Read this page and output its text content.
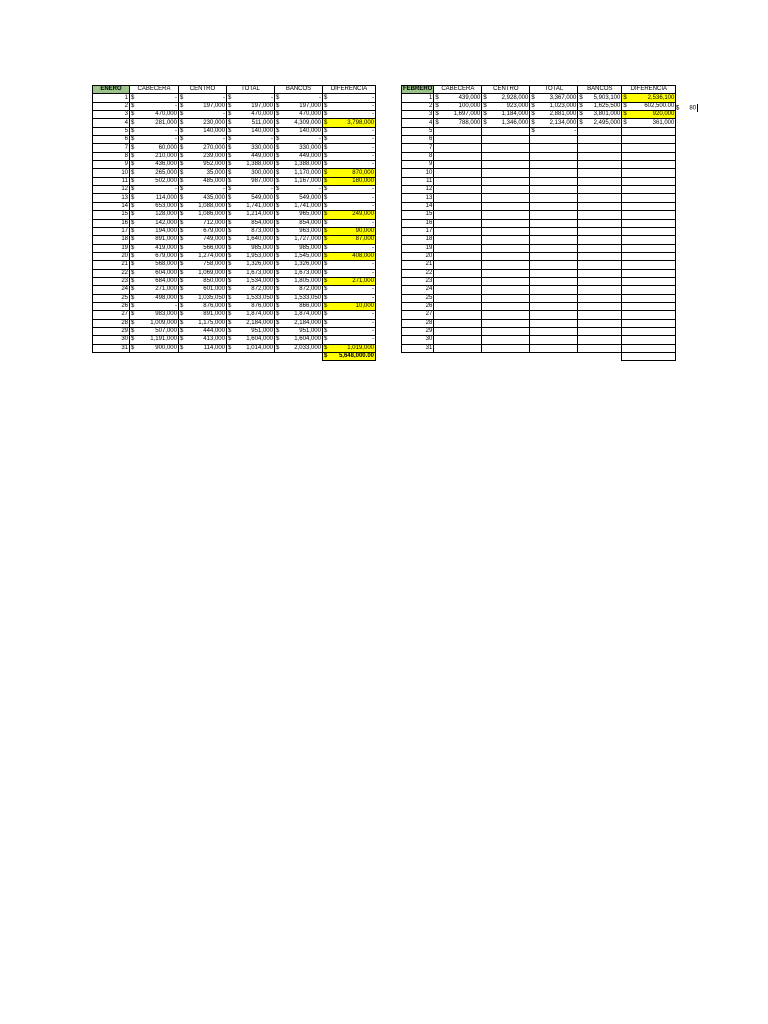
ENERO	CABECERA	CENTRO	TOTAL	BANCOS	DIFERENCIA
1	$ -	$ -	$ -	$ -	$ -

2	$ -	$ 197,000	$ 197,000	$ 197,000	$ -

3	$ 470,000	$ -	$ 470,000	$ 470,000	$ -

4	$ 281,000	$ 230,000	$ 511,000	$ 4,309,000	$ 3,798,000

5	$ -	$ 140,000	$ 140,000	$ 140,000	$ -

6	$ -	$ -	$ -	$ -	$ -

7	$ 60,000	$ 270,000	$ 330,000	$ 330,000	$ -

8	$ 210,000	$ 239,000	$ 449,000	$ 449,000	$ -

9	$ 436,000	$ 952,000	$ 1,388,000	$ 1,388,000	$ -

10	$ 265,000	$ 35,000	$ 300,000	$ 1,170,000	$ 870,000

11	$ 502,000	$ 485,000	$ 987,000	$ 1,167,000	$ 180,000

12	$ -	$ -	$ -	$ -	$ -

13	$ 114,000	$ 435,000	$ 549,000	$ 549,000	$ -

14	$ 653,000	$ 1,088,000	$ 1,741,000	$ 1,741,000	$ -

15	$ 128,000	$ 1,086,000	$ 1,214,000	$ 965,000	$ 249,000

16	$ 142,000	$ 712,000	$ 854,000	$ 854,000	$ -

17	$ 194,000	$ 679,000	$ 873,000	$ 963,000	$ 90,000

18	$ 891,000	$ 749,000	$ 1,640,000	$ 1,727,000	$ 87,000

19	$ 419,000	$ 566,000	$ 985,000	$ 985,000	$ -

20	$ 679,000	$ 1,274,000	$ 1,953,000	$ 1,545,000	$ 408,000

21	$ 568,000	$ 758,000	$ 1,326,000	$ 1,326,000	$ -

22	$ 604,000	$ 1,069,000	$ 1,673,000	$ 1,673,000	$ -

23	$ 684,000	$ 850,000	$ 1,534,000	$ 1,805,000	$ 271,000

24	$ 271,000	$ 601,000	$ 872,000	$ 872,000	$ -

25	$ 498,000	$ 1,035,050	$ 1,533,050	$ 1,533,050	$ -

26	$ -	$ 876,000	$ 876,000	$ 866,000	$ 10,000

27	$ 983,000	$ 891,000	$ 1,874,000	$ 1,874,000	$ -

28	$ 1,009,000	$ 1,175,000	$ 2,184,000	$ 2,184,000	$ -

29	$ 507,000	$ 444,000	$ 951,000	$ 951,000	$ -

30	$ 1,191,000	$ 413,000	$ 1,604,000	$ 1,604,000	$ -

31	$ 900,000	$ 114,000	$ 1,014,000	$ 2,033,000	$ 1,019,000

					$ 5,648,000.00
FEBRERO	CABECERA	CENTRO	TOTAL	BANCOS	DIFERENCIA
1	$ 439,000	$ 2,928,000	$ 3,367,000	$ 5,903,100	$ 2,536,100

2	$ 100,000	$ 923,000	$ 1,023,000	$ 1,625,500	$ 602,500.00

3	$ 1,697,000	$ 1,184,000	$ 2,881,000	$ 3,801,000	$ 920,000

4	$ 788,000	$ 1,346,000	$ 2,134,000	$ 2,495,000	$ 361,000

5			$ -		

6					
7					
8					
9					
10					
11					
12					
13					
14					
15					
16					
17					
18					
19					
20					
21					
22					
23					
24					
25					
26					
27					
28					
29					
30					
31					

$ 80
